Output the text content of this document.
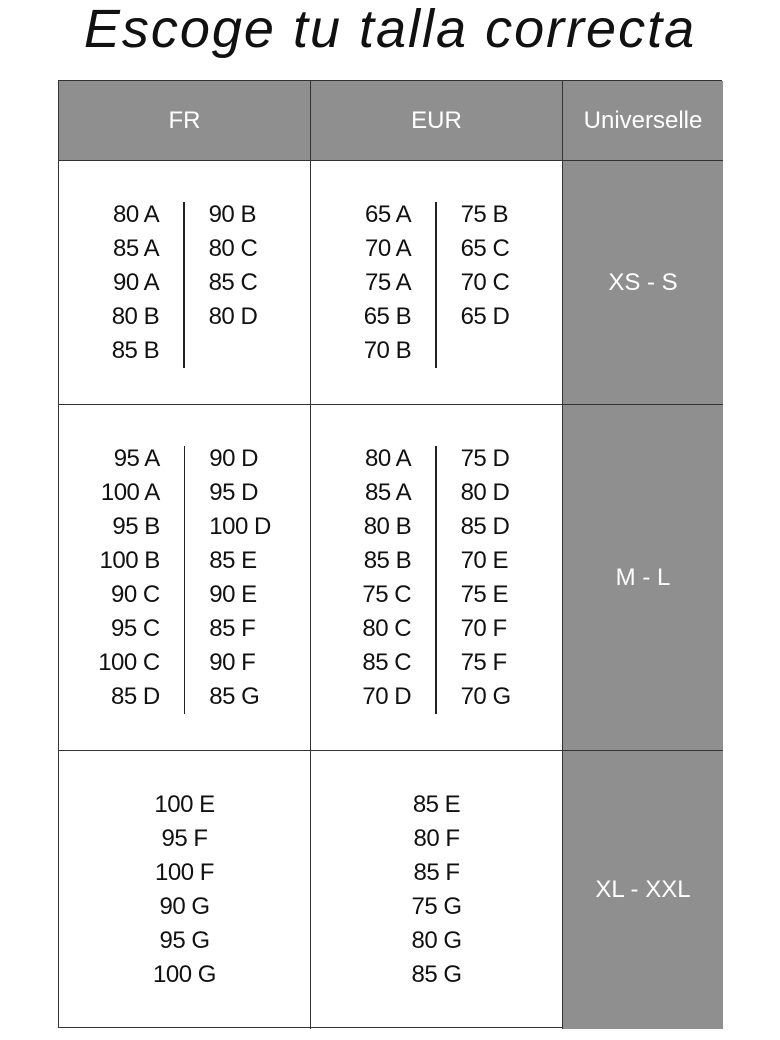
Escoge tu talla correcta
FR	EUR	Universelle
80 A
85 A
90 A
80 B
85 B
90 B
80 C
85 C
80 D
65 A
70 A
75 A
65 B
70 B
75 B
65 C
70 C
65 D
XS - S
95 A
100 A
95 B
100 B
90 C
95 C
100 C
85 D
90 D
95 D
100 D
85 E
90 E
85 F
90 F
85 G
80 A
85 A
80 B
85 B
75 C
80 C
85 C
70 D
75 D
80 D
85 D
70 E
75 E
70 F
75 F
70 G
M - L
100 E
95 F
100 F
90 G
95 G
100 G
85 E
80 F
85 F
75 G
80 G
85 G
XL - XXL
